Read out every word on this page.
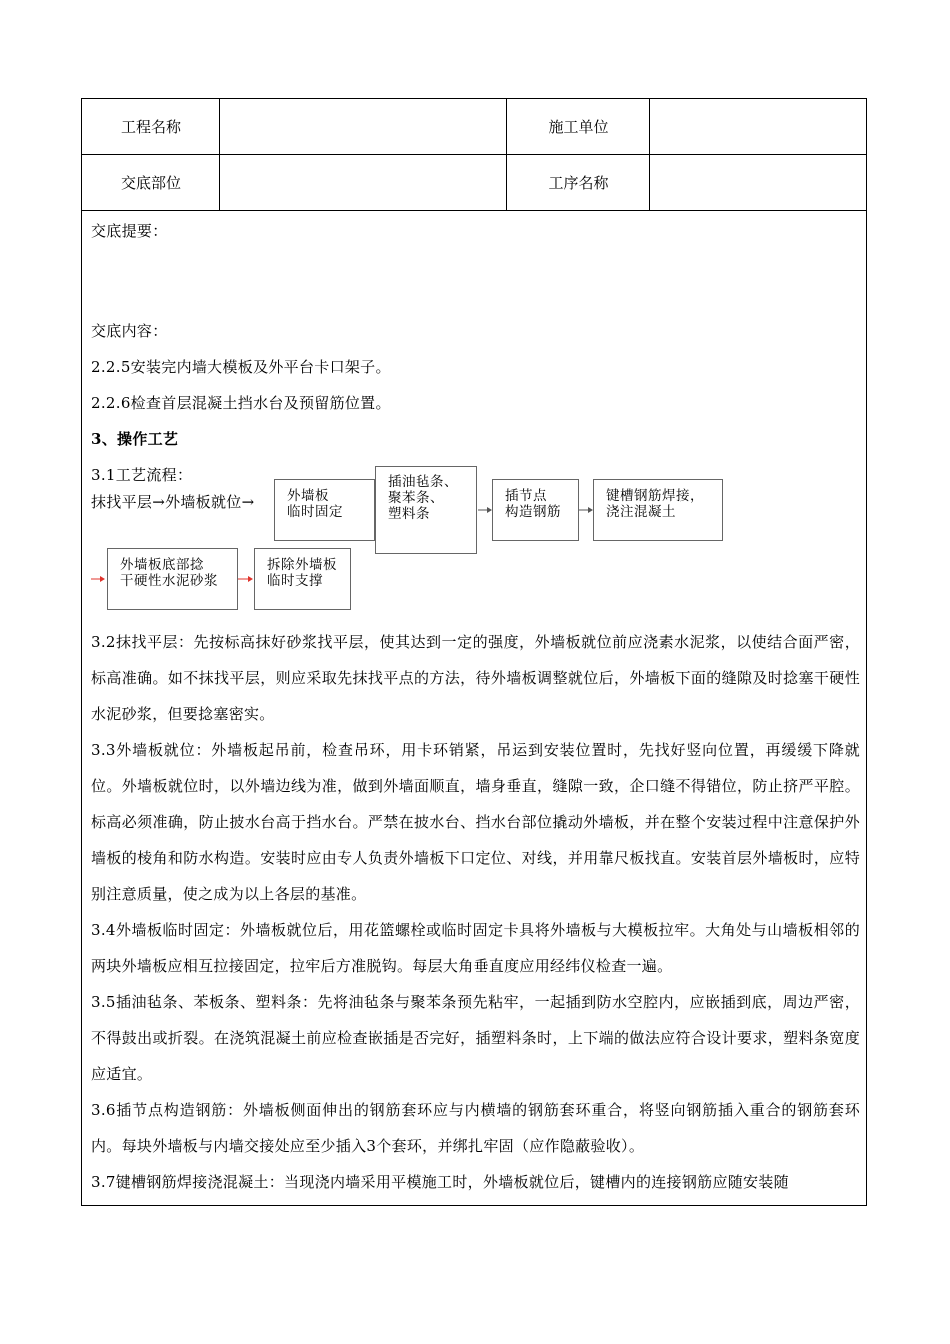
工程名称	施工单位
交底部位	工序名称
交底提要：
交底内容：
2.2.5安装完内墙大模板及外平台卡口架子。
2.2.6检查首层混凝土挡水台及预留筋位置。
3、操作工艺
3.1工艺流程：
抹找平层→外墙板就位→	外墙板
临时固定
插油毡条、
聚苯条、
塑料条
插节点
构造钢筋
键槽钢筋焊接，
浇注混凝土
外墙板底部捻
干硬性水泥砂浆
拆除外墙板
临时支撑
3.2抹找平层：先按标高抹好砂浆找平层，使其达到一定的强度，外墙板就位前应浇素水泥浆，以使结合面严密，标高准确。如不抹找平层，则应采取先抹找平点的方法，待外墙板调整就位后，外墙板下面的缝隙及时捻塞干硬性水泥砂浆，但要捻塞密实。
3.3外墙板就位：外墙板起吊前，检查吊环，用卡环销紧，吊运到安装位置时，先找好竖向位置，再缓缓下降就位。外墙板就位时，以外墙边线为准，做到外墙面顺直，墙身垂直，缝隙一致，企口缝不得错位，防止挤严平腔。标高必须准确，防止披水台高于挡水台。严禁在披水台、挡水台部位撬动外墙板，并在整个安装过程中注意保护外墙板的棱角和防水构造。安装时应由专人负责外墙板下口定位、对线，并用靠尺板找直。安装首层外墙板时，应特别注意质量，使之成为以上各层的基准。
3.4外墙板临时固定：外墙板就位后，用花篮螺栓或临时固定卡具将外墙板与大模板拉牢。大角处与山墙板相邻的两块外墙板应相互拉接固定，拉牢后方准脱钩。每层大角垂直度应用经纬仪检查一遍。
3.5插油毡条、苯板条、塑料条：先将油毡条与聚苯条预先粘牢，一起插到防水空腔内，应嵌插到底，周边严密，不得鼓出或折裂。在浇筑混凝土前应检查嵌插是否完好，插塑料条时，上下端的做法应符合设计要求，塑料条宽度应适宜。
3.6插节点构造钢筋：外墙板侧面伸出的钢筋套环应与内横墙的钢筋套环重合，将竖向钢筋插入重合的钢筋套环内。每块外墙板与内墙交接处应至少插入3个套环，并绑扎牢固（应作隐蔽验收）。
3.7键槽钢筋焊接浇混凝土：当现浇内墙采用平模施工时，外墙板就位后，键槽内的连接钢筋应随安装随
